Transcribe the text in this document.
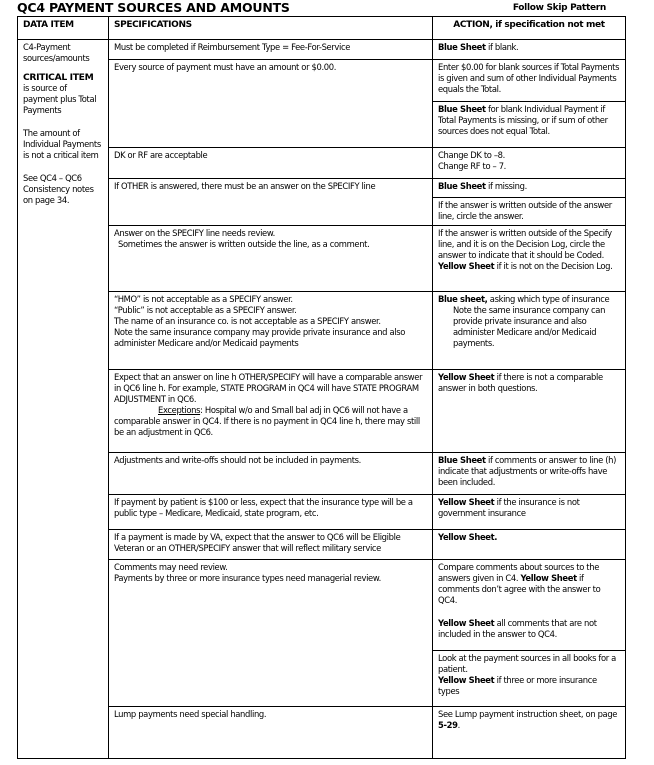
QC4 PAYMENT SOURCES AND AMOUNTS	Follow Skip Pattern
DATA ITEM	SPECIFICATIONS	ACTION, if specification not met

C4-Payment sources/amounts
CRITICAL ITEM
is source of payment plus Total Payments
The amount of Individual Payments is not a critical item
See QC4 – QC6 Consistency notes on page 34.	Must be completed if Reimbursement Type = Fee-For-Service	Blue Sheet if blank.
	Every source of payment must have an amount or $0.00.	Enter $0.00 for blank sources if Total Payments is given and sum of other Individual Payments equals the Total.
		Blue Sheet for blank Individual Payment if Total Payments is missing, or if sum of other sources does not equal Total.
	DK or RF are acceptable	Change DK to –8.
Change RF to – 7.

	If OTHER is answered, there must be an answer on the SPECIFY line	Blue Sheet if missing.
		If the answer is written outside of the answer line, circle the answer.

	Answer on the SPECIFY line needs review.
Sometimes the answer is written outside the line, as a comment.	If the answer is written outside of the Specify line, and it is on the Decision Log, circle the answer to indicate that it should be Coded. Yellow Sheet if it is not on the Decision Log.

	“HMO” is not acceptable as a SPECIFY answer.
“Public” is not acceptable as a SPECIFY answer.
The name of an insurance co. is not acceptable as a SPECIFY answer.
Note the same insurance company may provide private insurance and also administer Medicare and/or Medicaid payments	Blue sheet, asking which type of insurance
Note the same insurance company can provide private insurance and also administer Medicare and/or Medicaid payments.

	Expect that an answer on line h OTHER/SPECIFY will have a comparable answer in QC6 line h. For example, STATE PROGRAM in QC4 will have STATE PROGRAM ADJUSTMENT in QC6.
Exceptions: Hospital w/o and Small bal adj in QC6 will not have a comparable answer in QC4. If there is no payment in QC4 line h, there may still be an adjustment in QC6.	Yellow Sheet if there is not a comparable answer in both questions.
	Adjustments and write-offs should not be included in payments.	Blue Sheet if comments or answer to line (h) indicate that adjustments or write-offs have been included.
	If payment by patient is $100 or less, expect that the insurance type will be a public type – Medicare, Medicaid, state program, etc.	Yellow Sheet if the insurance is not government insurance
	If a payment is made by VA, expect that the answer to QC6 will be Eligible Veteran or an OTHER/SPECIFY answer that will reflect military service	Yellow Sheet.

	Comments may need review.
Payments by three or more insurance types need managerial review.	Compare comments about sources to the answers given in C4. Yellow Sheet if comments don’t agree with the answer to QC4.
Yellow Sheet all comments that are not included in the answer to QC4.

		Look at the payment sources in all books for a patient.
Yellow Sheet if three or more insurance types
	Lump payments need special handling.	See Lump payment instruction sheet, on page 5-29.
